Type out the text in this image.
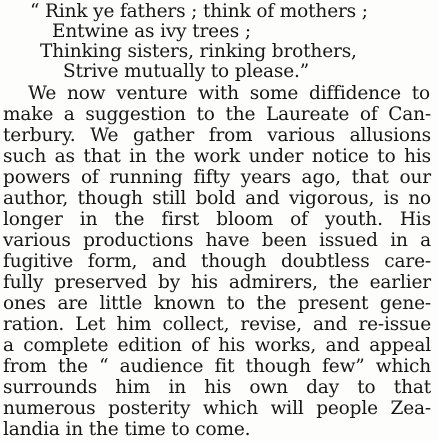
“ Rink ye fathers ; think of mothers ;
Entwine as ivy trees ;
Thinking sisters, rinking brothers,
Strive mutually to please.”
We now venture with some diffidence to
make a suggestion to the Laureate of Can-
terbury. We gather from various allusions
such as that in the work under notice to his
powers of running fifty years ago, that our
author, though still bold and vigorous, is no
longer in the first bloom of youth. His
various productions have been issued in a
fugitive form, and though doubtless care-
fully preserved by his admirers, the earlier
ones are little known to the present gene-
ration. Let him collect, revise, and re-issue
a complete edition of his works, and appeal
from the “ audience fit though few” which
surrounds him in his own day to that
numerous posterity which will people Zea-
landia in the time to come.
